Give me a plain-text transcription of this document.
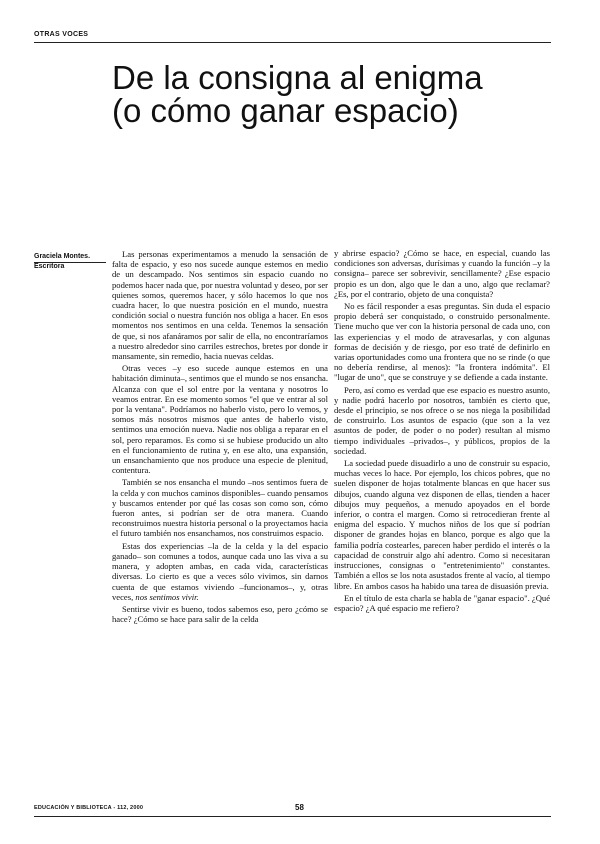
OTRAS VOCES
De la consigna al enigma
(o cómo ganar espacio)
Graciela Montes.
Escritora

Las personas experimentamos a menudo la sensación de falta de espacio, y eso nos sucede aunque estemos en medio de un descampado. Nos sentimos sin espacio cuando no podemos hacer nada que, por nuestra voluntad y deseo, por ser quienes somos, queremos hacer, y sólo hacemos lo que nos cuadra hacer, lo que nuestra posición en el mundo, nuestra condición social o nuestra función nos obliga a hacer. En esos momentos nos sentimos en una celda. Tenemos la sensación de que, si nos afanáramos por salir de ella, no encontraríamos a nuestro alrededor sino carriles estrechos, bretes por donde ir mansamente, sin remedio, hacia nuevas celdas.

Otras veces –y eso sucede aunque estemos en una habitación diminuta–, sentimos que el mundo se nos ensancha. Alcanza con que el sol entre por la ventana y nosotros lo veamos entrar. En ese momento somos "el que ve entrar al sol por la ventana". Podríamos no haberlo visto, pero lo vemos, y somos más nosotros mismos que antes de haberlo visto, sentimos una emoción nueva. Nadie nos obliga a reparar en el sol, pero reparamos. Es como si se hubiese producido un alto en el funcionamiento de rutina y, en ese alto, una expansión, un ensanchamiento que nos produce una especie de plenitud, contentura.

También se nos ensancha el mundo –nos sentimos fuera de la celda y con muchos caminos disponibles– cuando pensamos y buscamos entender por qué las cosas son como son, cómo fueron antes, si podrían ser de otra manera. Cuando reconstruimos nuestra historia personal o la proyectamos hacia el futuro también nos ensanchamos, nos construimos espacio.

Estas dos experiencias –la de la celda y la del espacio ganado– son comunes a todos, aunque cada uno las viva a su manera, y adopten ambas, en cada vida, características diversas. Lo cierto es que a veces sólo vivimos, sin darnos cuenta de que estamos viviendo –funcionamos–, y, otras veces, nos sentimos vivir.

Sentirse vivir es bueno, todos sabemos eso, pero ¿cómo se hace? ¿Cómo se hace para salir de la celda

y abrirse espacio? ¿Cómo se hace, en especial, cuando las condiciones son adversas, durísimas y cuando la función –y la consigna– parece ser sobrevivir, sencillamente? ¿Ese espacio propio es un don, algo que le dan a uno, algo que reclamar? ¿Es, por el contrario, objeto de una conquista?

No es fácil responder a esas preguntas. Sin duda el espacio propio deberá ser conquistado, o construido personalmente. Tiene mucho que ver con la historia personal de cada uno, con las experiencias y el modo de atravesarlas, y con algunas formas de decisión y de riesgo, por eso traté de definirlo en varias oportunidades como una frontera que no se rinde (o que no debería rendirse, al menos): "la frontera indómita". El "lugar de uno", que se construye y se defiende a cada instante.

Pero, así como es verdad que ese espacio es nuestro asunto, y nadie podrá hacerlo por nosotros, también es cierto que, desde el principio, se nos ofrece o se nos niega la posibilidad de construirlo. Los asuntos de espacio (que son a la vez asuntos de poder, de poder o no poder) resultan al mismo tiempo individuales –privados–, y públicos, propios de la sociedad.

La sociedad puede disuadirlo a uno de construir su espacio, muchas veces lo hace. Por ejemplo, los chicos pobres, que no suelen disponer de hojas totalmente blancas en que hacer sus dibujos, cuando alguna vez disponen de ellas, tienden a hacer dibujos muy pequeños, a menudo apoyados en el borde inferior, o contra el margen. Como si retrocedieran frente al enigma del espacio. Y muchos niños de los que sí podrían disponer de grandes hojas en blanco, porque es algo que la familia podría costearles, parecen haber perdido el interés o la capacidad de construir algo ahí adentro. Como si necesitaran instrucciones, consignas o "entretenimiento" constantes. También a ellos se los nota asustados frente al vacío, al tiempo libre. En ambos casos ha habido una tarea de disuasión previa.

En el título de esta charla se habla de "ganar espacio". ¿Qué espacio? ¿A qué espacio me refiero?

EDUCACIÓN Y BIBLIOTECA - 112, 2000	58
